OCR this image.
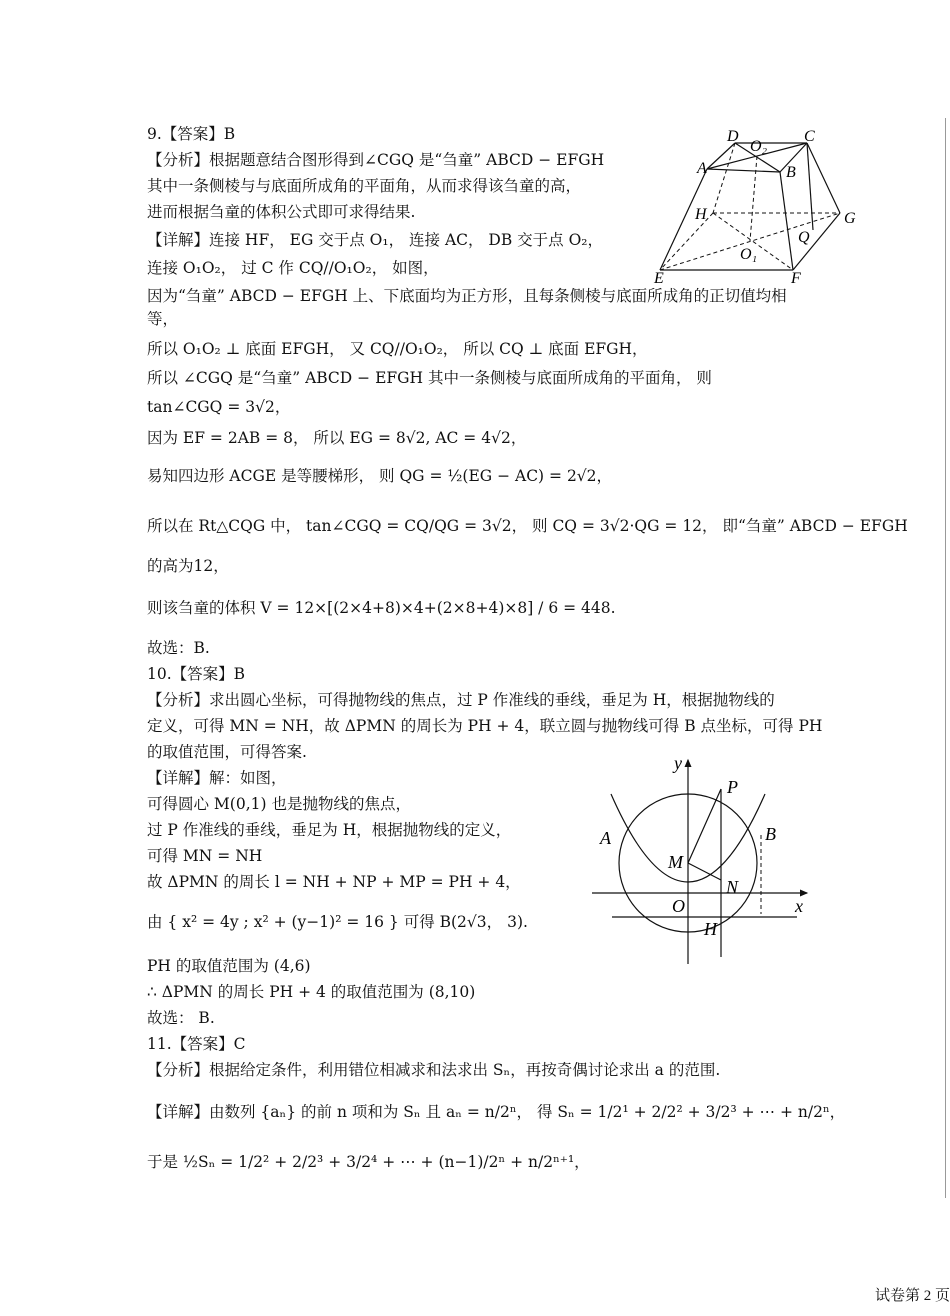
D
O₂
C
A	B
H	G
Q
O₁
E	F
y
P
A	B
M
N
O	x
H
9.【答案】B
【分析】根据题意结合图形得到∠CGQ 是“刍童” ABCD − EFGH
其中一条侧棱与与底面所成角的平面角，从而求得该刍童的高，
进而根据刍童的体积公式即可求得结果.
【详解】连接 HF， EG 交于点 O₁， 连接 AC， DB 交于点 O₂，
连接 O₁O₂， 过 C 作 CQ//O₁O₂， 如图，
因为“刍童” ABCD − EFGH 上、下底面均为正方形，且每条侧棱与底面所成角的正切值均相
等，
所以 O₁O₂ ⊥ 底面 EFGH， 又 CQ//O₁O₂， 所以 CQ ⊥ 底面 EFGH，
所以 ∠CGQ 是“刍童” ABCD − EFGH 其中一条侧棱与底面所成角的平面角， 则
tan∠CGQ = 3√2，
因为 EF = 2AB = 8， 所以 EG = 8√2, AC = 4√2，
易知四边形 ACGE 是等腰梯形， 则 QG = ½(EG − AC) = 2√2，
所以在 Rt△CQG 中， tan∠CGQ = CQ/QG = 3√2， 则 CQ = 3√2·QG = 12， 即“刍童” ABCD − EFGH
的高为12，
则该刍童的体积 V = 12×[(2×4+8)×4+(2×8+4)×8] / 6 = 448.
故选：B.
10.【答案】B
【分析】求出圆心坐标，可得抛物线的焦点，过 P 作准线的垂线，垂足为 H，根据抛物线的
定义，可得 MN = NH，故 ΔPMN 的周长为 PH + 4，联立圆与抛物线可得 B 点坐标，可得 PH
的取值范围，可得答案.
【详解】解：如图，
可得圆心 M(0,1) 也是抛物线的焦点，
过 P 作准线的垂线，垂足为 H，根据抛物线的定义，
可得 MN = NH
故 ΔPMN 的周长 l = NH + NP + MP = PH + 4，
由 { x² = 4y ; x² + (y−1)² = 16 } 可得 B(2√3， 3).
PH 的取值范围为 (4,6)
∴ ΔPMN 的周长 PH + 4 的取值范围为 (8,10)
故选： B.
11.【答案】C
【分析】根据给定条件，利用错位相减求和法求出 Sₙ，再按奇偶讨论求出 a 的范围.
【详解】由数列 {aₙ} 的前 n 项和为 Sₙ 且 aₙ = n/2ⁿ， 得 Sₙ = 1/2¹ + 2/2² + 3/2³ + ⋯ + n/2ⁿ，
于是 ½Sₙ = 1/2² + 2/2³ + 3/2⁴ + ⋯ + (n−1)/2ⁿ + n/2ⁿ⁺¹，
试卷第 2 页
